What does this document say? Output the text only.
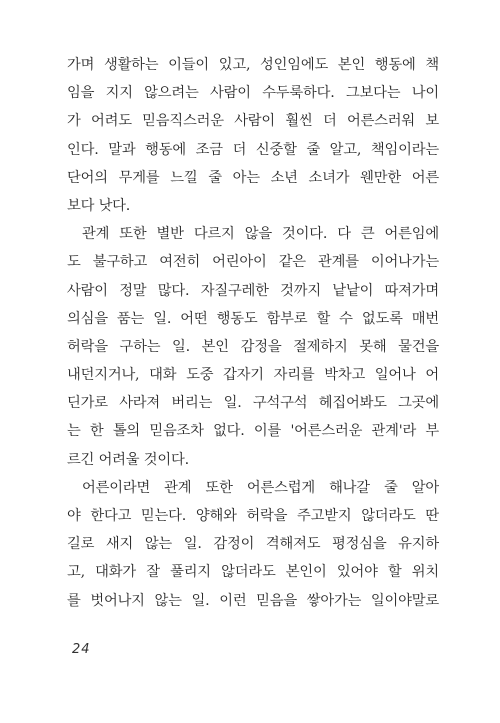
가며 생활하는 이들이 있고, 성인임에도 본인 행동에 책
임을 지지 않으려는 사람이 수두룩하다. 그보다는 나이
가 어려도 믿음직스러운 사람이 훨씬 더 어른스러워 보
인다. 말과 행동에 조금 더 신중할 줄 알고, 책임이라는
단어의 무게를 느낄 줄 아는 소년 소녀가 웬만한 어른
보다 낫다.
관계 또한 별반 다르지 않을 것이다. 다 큰 어른임에
도 불구하고 여전히 어린아이 같은 관계를 이어나가는
사람이 정말 많다. 자질구레한 것까지 낱낱이 따져가며
의심을 품는 일. 어떤 행동도 함부로 할 수 없도록 매번
허락을 구하는 일. 본인 감정을 절제하지 못해 물건을
내던지거나, 대화 도중 갑자기 자리를 박차고 일어나 어
딘가로 사라져 버리는 일. 구석구석 헤집어봐도 그곳에
는 한 톨의 믿음조차 없다. 이를 '어른스러운 관계'라 부
르긴 어려울 것이다.
어른이라면 관계 또한 어른스럽게 해나갈 줄 알아
야 한다고 믿는다. 양해와 허락을 주고받지 않더라도 딴
길로 새지 않는 일. 감정이 격해져도 평정심을 유지하
고, 대화가 잘 풀리지 않더라도 본인이 있어야 할 위치
를 벗어나지 않는 일. 이런 믿음을 쌓아가는 일이야말로
24
